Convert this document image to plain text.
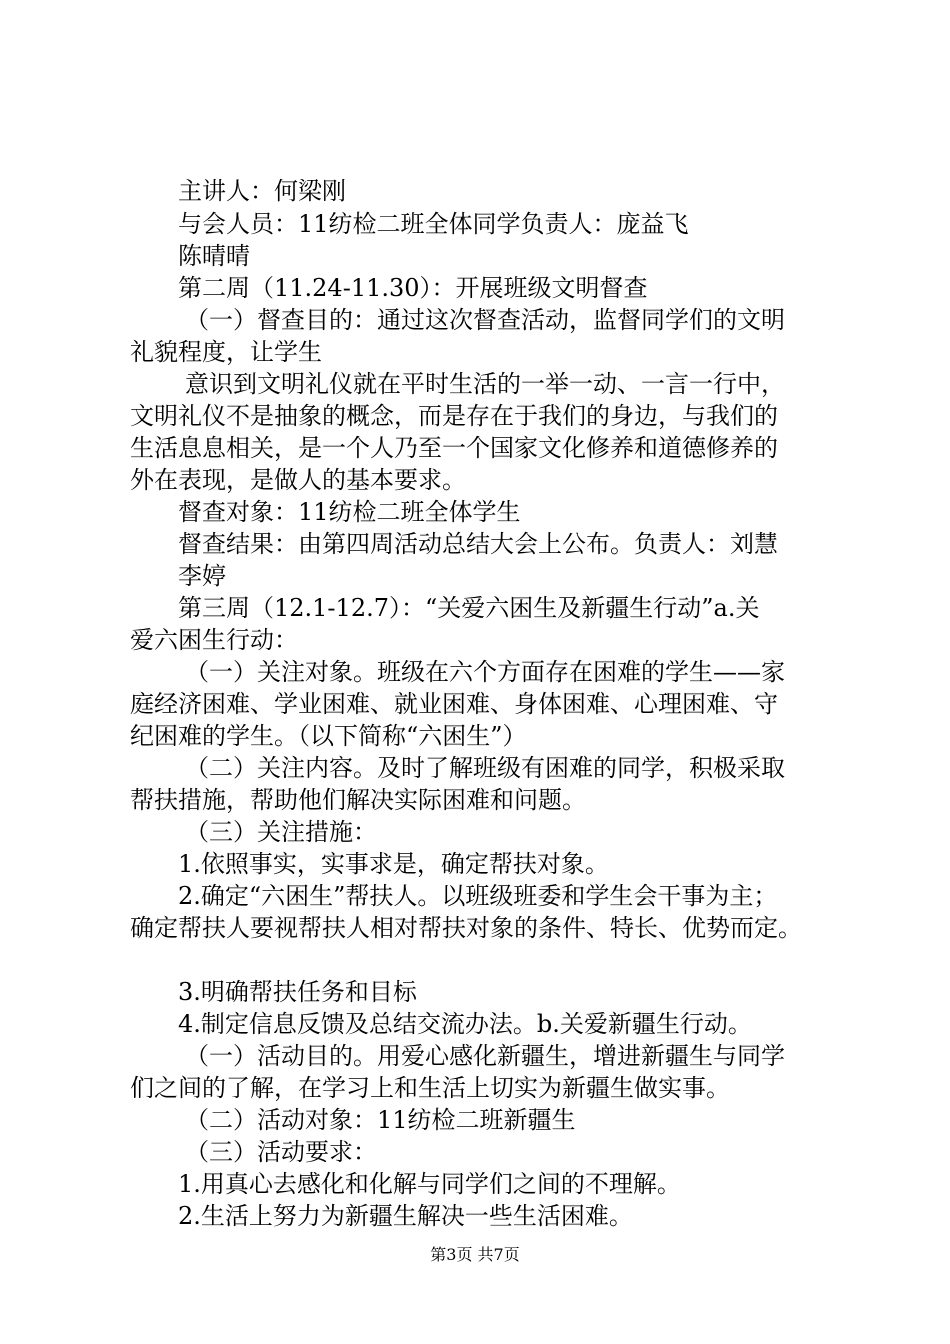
主讲人：何梁刚

与会人员：11纺检二班全体同学负责人：庞益飞

陈晴晴

第二周（11.24-11.30）：开展班级文明督查

（一）督查目的：通过这次督查活动，监督同学们的文明

礼貌程度，让学生

意识到文明礼仪就在平时生活的一举一动、一言一行中，

文明礼仪不是抽象的概念，而是存在于我们的身边，与我们的

生活息息相关，是一个人乃至一个国家文化修养和道德修养的

外在表现，是做人的基本要求。

督查对象：11纺检二班全体学生

督查结果：由第四周活动总结大会上公布。负责人：刘慧

李婷

第三周（12.1-12.7）：“关爱六困生及新疆生行动”a.关

爱六困生行动：

（一）关注对象。班级在六个方面存在困难的学生——家

庭经济困难、学业困难、就业困难、身体困难、心理困难、守

纪困难的学生。（以下简称“六困生”）

（二）关注内容。及时了解班级有困难的同学，积极采取

帮扶措施，帮助他们解决实际困难和问题。

（三）关注措施：

1.依照事实，实事求是，确定帮扶对象。

2.确定“六困生”帮扶人。以班级班委和学生会干事为主；

确定帮扶人要视帮扶人相对帮扶对象的条件、特长、优势而定。

3.明确帮扶任务和目标

4.制定信息反馈及总结交流办法。b.关爱新疆生行动。

（一）活动目的。用爱心感化新疆生，增进新疆生与同学

们之间的了解，在学习上和生活上切实为新疆生做实事。

（二）活动对象：11纺检二班新疆生

（三）活动要求：

1.用真心去感化和化解与同学们之间的不理解。

2.生活上努力为新疆生解决一些生活困难。

第3页 共7页
